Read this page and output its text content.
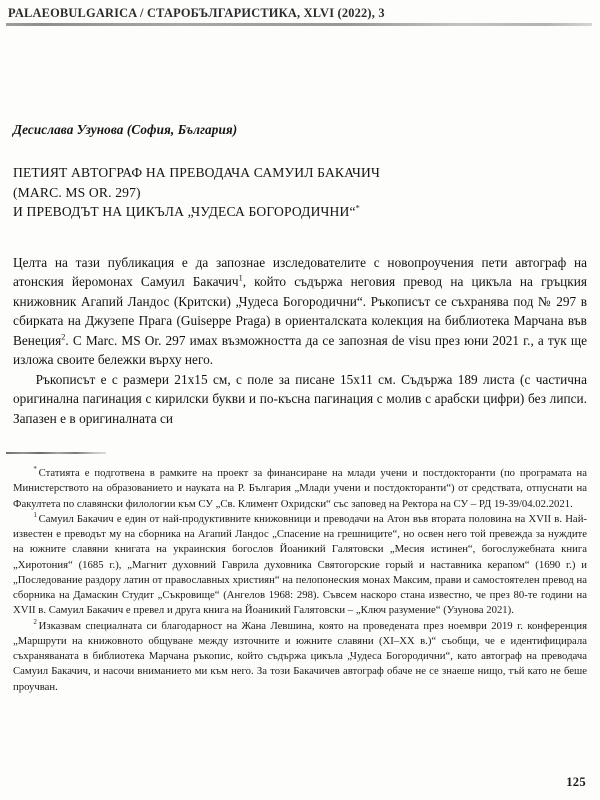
PALAEOBULGARICA / СТАРОБЪЛГАРИСТИКА, XLVI (2022), 3
Десислава Узунова (София, България)
ПЕТИЯТ АВТОГРАФ НА ПРЕВОДАЧА САМУИЛ БАКАЧИЧ
(MARC. MS OR. 297)
И ПРЕВОДЪТ НА ЦИКЪЛА „ЧУДЕСА БОГОРОДИЧНИ“*

Целта на тази публикация е да запознае изследователите с новопроучения пети автограф на атонския йеромонах Самуил Бакачич$^1$, който съдържа неговия превод на цикъла на гръцкия книжовник Агапий Ландос (Критски) „Чудеса Богородични“. Ръкописът се съхранява под № 297 в сбирката на Джузепе Прага (Guiseppe Praga) в ориенталската колекция на библиотека Марчана във Венеция$^2$. С Marc. MS Or. 297 имах възможността да се запозная de visu през юни 2021 г., а тук ще изложа своите бележки върху него.

Ръкописът е с размери 21х15 см, с поле за писане 15х11 см. Съдържа 189 листа (с частична оригинална пагинация с кирилски букви и по-късна пагинация с молив с арабски цифри) без липси. Запазен е в оригиналната си

* Статията е подготвена в рамките на проект за финансиране на млади учени и постдокторанти (по програмата на Министерството на образованието и науката на Р. България „Млади учени и постдокторанти“) от средствата, отпуснати на Факултета по славянски филологии към СУ „Св. Климент Охридски“ със заповед на Ректора на СУ – РД 19-39/04.02.2021.

$^1$ Самуил Бакачич е един от най-продуктивните книжовници и преводачи на Атон във втората половина на XVII в. Най-известен е преводът му на сборника на Агапий Ландос „Спасение на грешниците“, но освен него той превежда за нуждите на южните славяни книгата на украинския богослов Йоаникий Галятовски „Месия истинен“, богослужебната книга „Хиротония“ (1685 г.), „Магнит духовний Гаврила духовника Святогорские горый и наставника керапом“ (1690 г.) и „Последование раздору латин от православных християн“ на пелопонеския монах Максим, прави и самостоятелен превод на сборника на Дамаскин Студит „Съкровище“ (Ангелов 1968: 298). Съвсем наскоро стана известно, че през 80-те години на XVII в. Самуил Бакачич е превел и друга книга на Йоаникий Галятовски – „Ключ разумение“ (Узунова 2021).

$^2$ Изказвам специалната си благодарност на Жана Левшина, която на проведената през ноември 2019 г. конференция „Маршрути на книжовното общуване между източните и южните славяни (XI–XX в.)“ съобщи, че е идентифицирала съхраняваната в библиотека Марчана ръкопис, който съдържа цикъла „Чудеса Богородични“, като автограф на преводача Самуил Бакачич, и насочи вниманието ми към него. За този Бакачичев автограф обаче не се знаеше нищо, тъй като не беше проучван.

125
